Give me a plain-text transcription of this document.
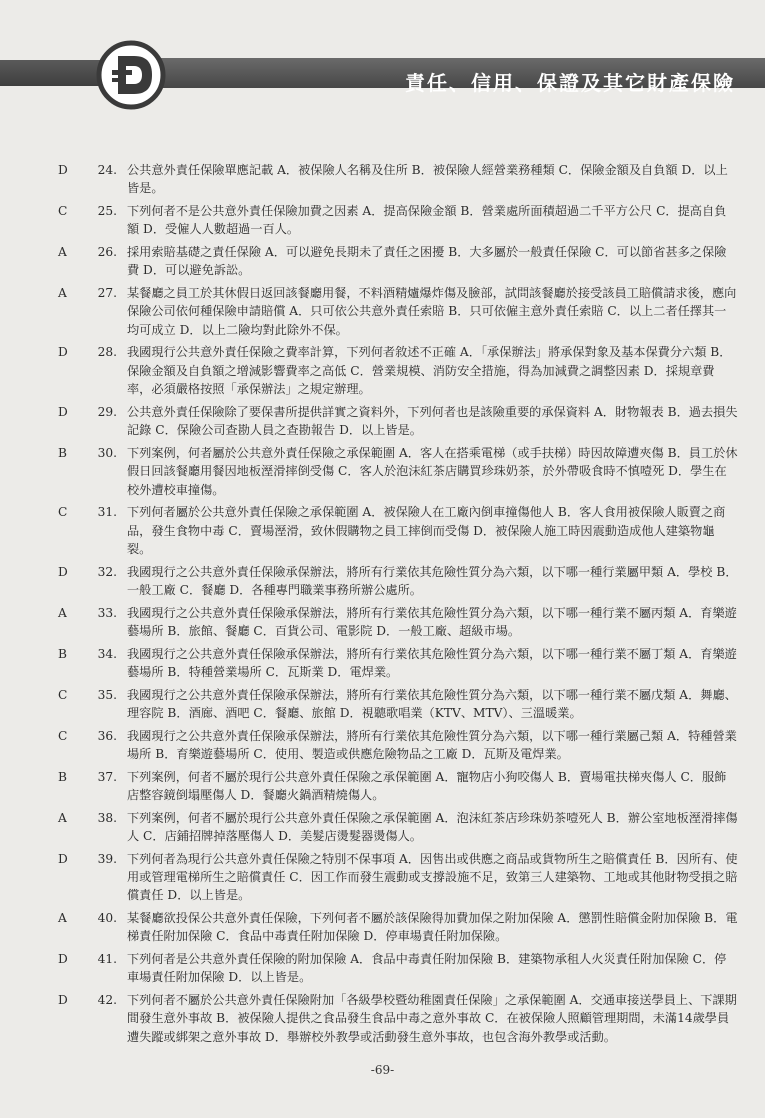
責任、信用、保證及其它財產保險
D	24. 公共意外責任保險單應記載 A．被保險人名稱及住所 B．被保險人經營業務種類 C．保險金額及自負額 D．以上皆是。
C	25. 下列何者不是公共意外責任保險加費之因素 A．提高保險金額 B．營業處所面積超過二千平方公尺 C．提高自負額 D．受僱人人數超過一百人。
A	26. 採用索賠基礎之責任保險 A．可以避免長期未了責任之困擾 B．大多屬於一般責任保險 C．可以節省甚多之保險費 D．可以避免訴訟。
A	27. 某餐廳之員工於其休假日返回該餐廳用餐，不料酒精爐爆炸傷及臉部，試問該餐廳於接受該員工賠償請求後，應向保險公司依何種保險申請賠償 A．只可依公共意外責任索賠 B．只可依僱主意外責任索賠 C．以上二者任擇其一均可成立 D．以上二險均對此除外不保。
D	28. 我國現行公共意外責任保險之費率計算，下列何者敘述不正確 A．「承保辦法」將承保對象及基本保費分六類 B．保險金額及自負額之增減影響費率之高低 C．營業規模、消防安全措施，得為加減費之調整因素 D．採規章費率，必須嚴格按照「承保辦法」之規定辦理。
D	29. 公共意外責任保險除了要保書所提供詳實之資料外，下列何者也是該險重要的承保資料 A．財物報表 B．過去損失記錄 C．保險公司查勘人員之查勘報告 D．以上皆是。
B	30. 下列案例，何者屬於公共意外責任保險之承保範圍 A．客人在搭乘電梯（或手扶梯）時因故障遭夾傷 B．員工於休假日回該餐廳用餐因地板溼滑摔倒受傷 C．客人於泡沫紅茶店購買珍珠奶茶，於外帶吸食時不慎噎死 D．學生在校外遭校車撞傷。
C	31. 下列何者屬於公共意外責任保險之承保範圍 A．被保險人在工廠內倒車撞傷他人 B．客人食用被保險人販賣之商品，發生食物中毒 C．賣場溼滑，致休假購物之員工摔倒而受傷 D．被保險人施工時因震動造成他人建築物龜裂。
D	32. 我國現行之公共意外責任保險承保辦法，將所有行業依其危險性質分為六類，以下哪一種行業屬甲類 A．學校 B．一般工廠 C．餐廳 D．各種專門職業事務所辦公處所。
A	33. 我國現行之公共意外責任保險承保辦法，將所有行業依其危險性質分為六類，以下哪一種行業不屬丙類 A．育樂遊藝場所 B．旅館、餐廳 C．百貨公司、電影院 D．一般工廠、超級市場。
B	34. 我國現行之公共意外責任保險承保辦法，將所有行業依其危險性質分為六類，以下哪一種行業不屬丁類 A．育樂遊藝場所 B．特種營業場所 C．瓦斯業 D．電焊業。
C	35. 我國現行之公共意外責任保險承保辦法，將所有行業依其危險性質分為六類，以下哪一種行業不屬戊類 A．舞廳、理容院 B．酒廊、酒吧 C．餐廳、旅館 D．視聽歌唱業（KTV、MTV）、三溫暖業。
C	36. 我國現行之公共意外責任保險承保辦法，將所有行業依其危險性質分為六類，以下哪一種行業屬己類 A．特種營業場所 B．育樂遊藝場所 C．使用、製造或供應危險物品之工廠 D．瓦斯及電焊業。
B	37. 下列案例，何者不屬於現行公共意外責任保險之承保範圍 A．寵物店小狗咬傷人 B．賣場電扶梯夾傷人 C．服飾店整容鏡倒塌壓傷人 D．餐廳火鍋酒精燒傷人。
A	38. 下列案例，何者不屬於現行公共意外責任保險之承保範圍 A．泡沫紅茶店珍珠奶茶噎死人 B．辦公室地板溼滑摔傷人 C．店鋪招牌掉落壓傷人 D．美髮店燙髮器燙傷人。
D	39. 下列何者為現行公共意外責任保險之特別不保事項 A．因售出或供應之商品或貨物所生之賠償責任 B．因所有、使用或管理電梯所生之賠償責任 C．因工作而發生震動或支撐設施不足，致第三人建築物、工地或其他財物受損之賠償責任 D．以上皆是。
A	40. 某餐廳欲投保公共意外責任保險，下列何者不屬於該保險得加費加保之附加保險 A．懲罰性賠償金附加保險 B．電梯責任附加保險 C．食品中毒責任附加保險 D．停車場責任附加保險。
D	41. 下列何者是公共意外責任保險的附加保險 A．食品中毒責任附加保險 B．建築物承租人火災責任附加保險 C．停車場責任附加保險 D．以上皆是。
D	42. 下列何者不屬於公共意外責任保險附加「各級學校暨幼稚園責任保險」之承保範圍 A．交通車接送學員上、下課期間發生意外事故 B．被保險人提供之食品發生食品中毒之意外事故 C．在被保險人照顧管理期間，未滿14歲學員遭失蹤或綁架之意外事故 D．舉辦校外教學或活動發生意外事故，也包含海外教學或活動。
-69-
